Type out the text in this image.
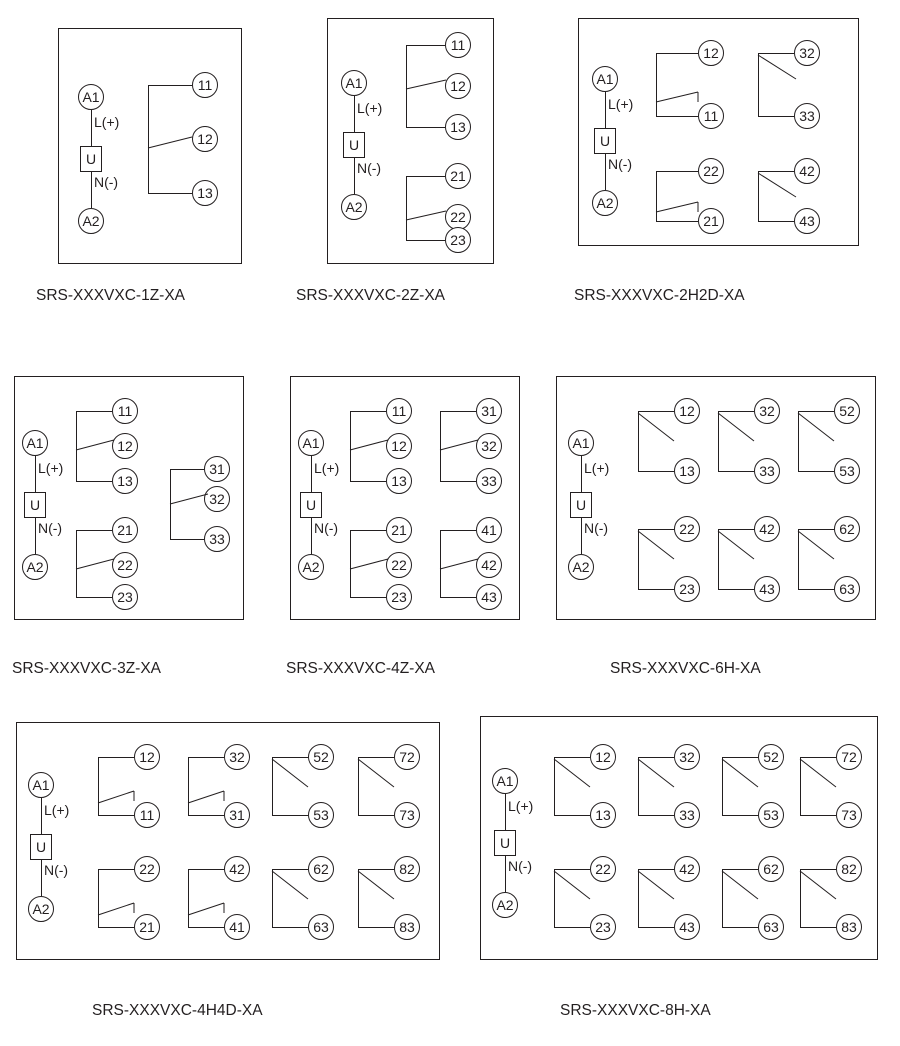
A1
L(+)
U
N(-)
A2
11
12
13
SRS-XXXVXC-1Z-XA
A1
L(+)
U
N(-)
A2
11
12
13
21
22
23
SRS-XXXVXC-2Z-XA
A1
L(+)
U
N(-)
A2
12	32
11	33
22	42
21	43
SRS-XXXVXC-2H2D-XA
A1
L(+)
U
N(-)
A2
11
12
13
31
32
33
21
22
23
SRS-XXXVXC-3Z-XA
A1
L(+)
U
N(-)
A2
11	31
12	32
13	33
21	41
22	42
23	43
SRS-XXXVXC-4Z-XA
A1
L(+)
U
N(-)
A2
12	32	52
13	33	53
22	42	62
23	43	63
SRS-XXXVXC-6H-XA
A1
L(+)
U
N(-)
A2
12	32	52	72
11	31	53	73
22	42	62	82
21	41	63	83
SRS-XXXVXC-4H4D-XA
A1
L(+)
U
N(-)
A2
12	32	52	72
13	33	53	73
22	42	62	82
23	43	63	83
SRS-XXXVXC-8H-XA
